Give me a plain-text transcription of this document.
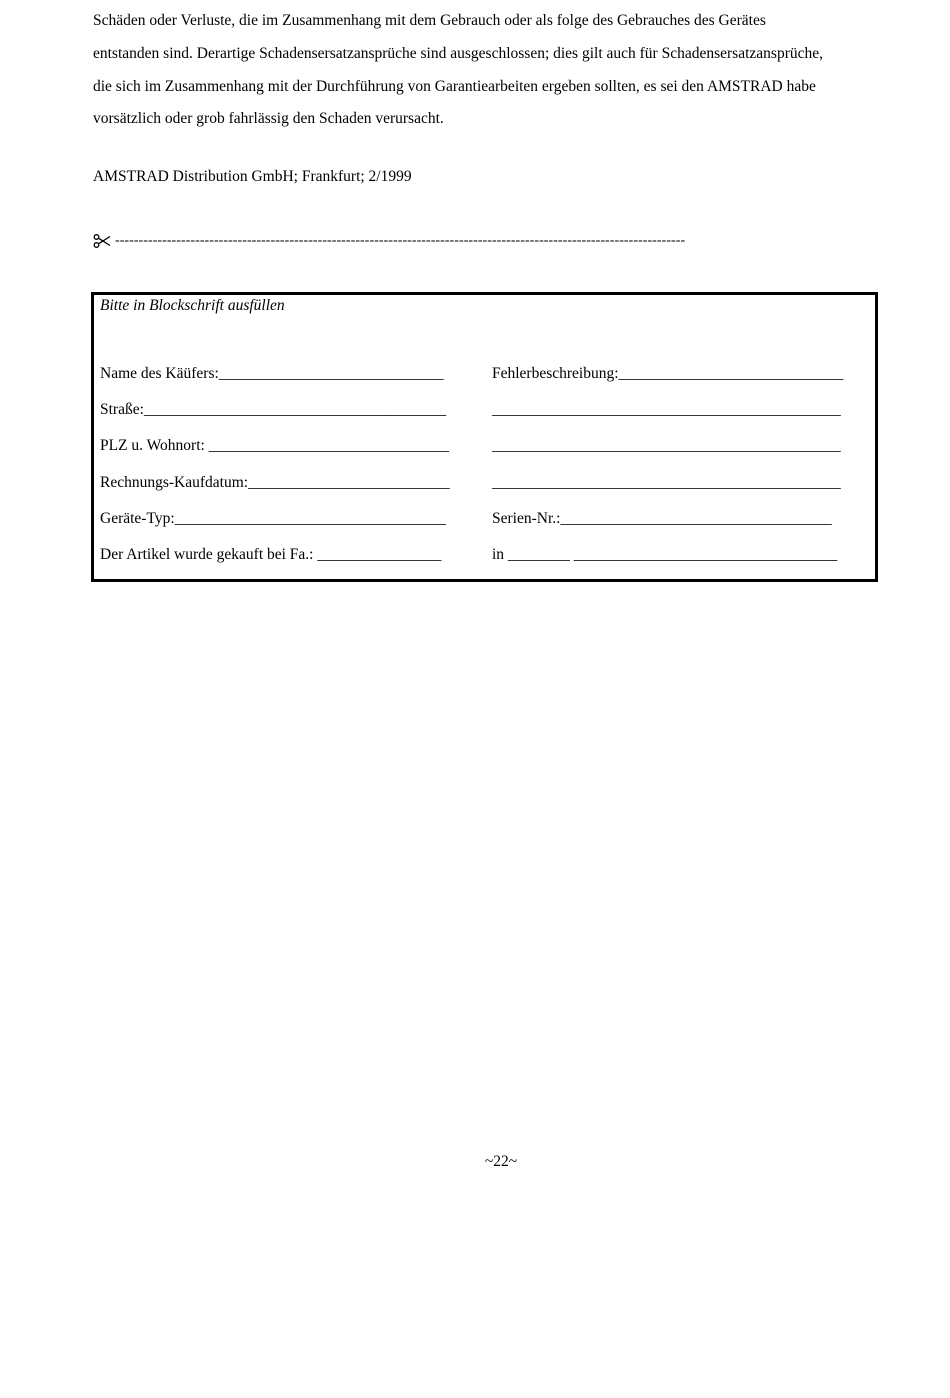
Schäden oder Verluste, die im Zusammenhang mit dem Gebrauch oder als folge des Gebrauches des Gerätes
entstanden sind. Derartige Schadensersatzansprüche sind ausgeschlossen; dies gilt auch für Schadensersatzansprüche,
die sich im Zusammenhang mit der Durchführung von Garantiearbeiten ergeben sollten, es sei den AMSTRAD habe
vorsätzlich oder grob fahrlässig den Schaden verursacht.
AMSTRAD Distribution GmbH; Frankfurt; 2/1999
-------------------------------------------------------------------------------------------------------------------------
Bitte in Blockschrift ausfüllen
Name des Käüfers:_____________________________
Straße:_______________________________________
PLZ u. Wohnort: _______________________________
Rechnungs-Kaufdatum:__________________________
Geräte-Typ:___________________________________
Der Artikel wurde gekauft bei Fa.: ________________
Fehlerbeschreibung:_____________________________
_____________________________________________
_____________________________________________
_____________________________________________
Serien-Nr.:___________________________________
in ________ __________________________________
~22~
